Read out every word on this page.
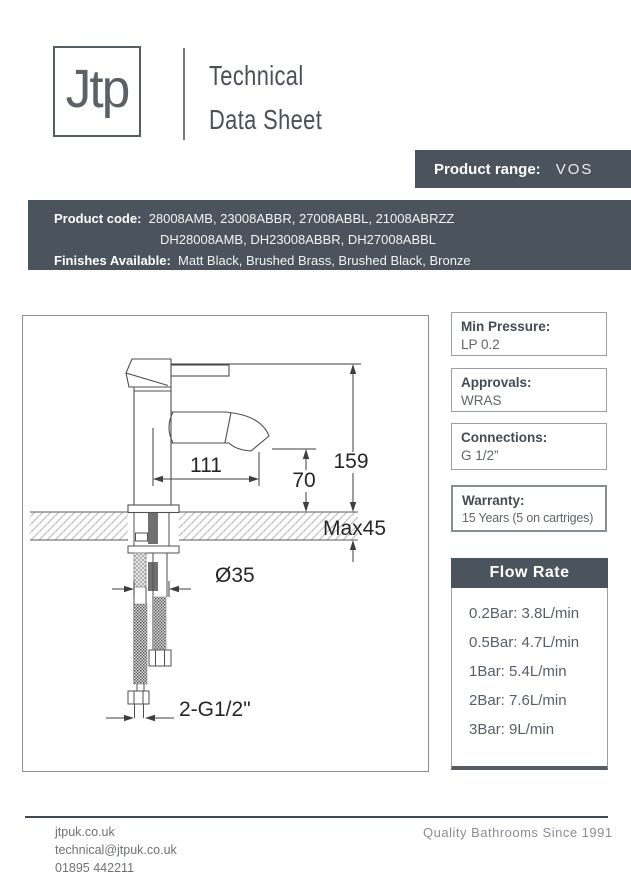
Jtp	Technical
Data Sheet
Product range: VOS
Product code: 28008AMB, 23008ABBR, 27008ABBL, 21008ABRZZ
DH28008AMB, DH23008ABBR, DH27008ABBL
Finishes Available: Matt Black, Brushed Brass, Brushed Black, Bronze
111
70
159
Max45
Ø35
2-G1/2"
Min Pressure:
LP 0.2
Approvals:
WRAS
Connections:
G 1/2”
Warranty:
15 Years (5 on cartriges)
Flow Rate
0.2Bar: 3.8L/min
0.5Bar: 4.7L/min
1Bar: 5.4L/min
2Bar: 7.6L/min
3Bar: 9L/min
jtpuk.co.uk
technical@jtpuk.co.uk
01895 442211
Quality Bathrooms Since 1991
